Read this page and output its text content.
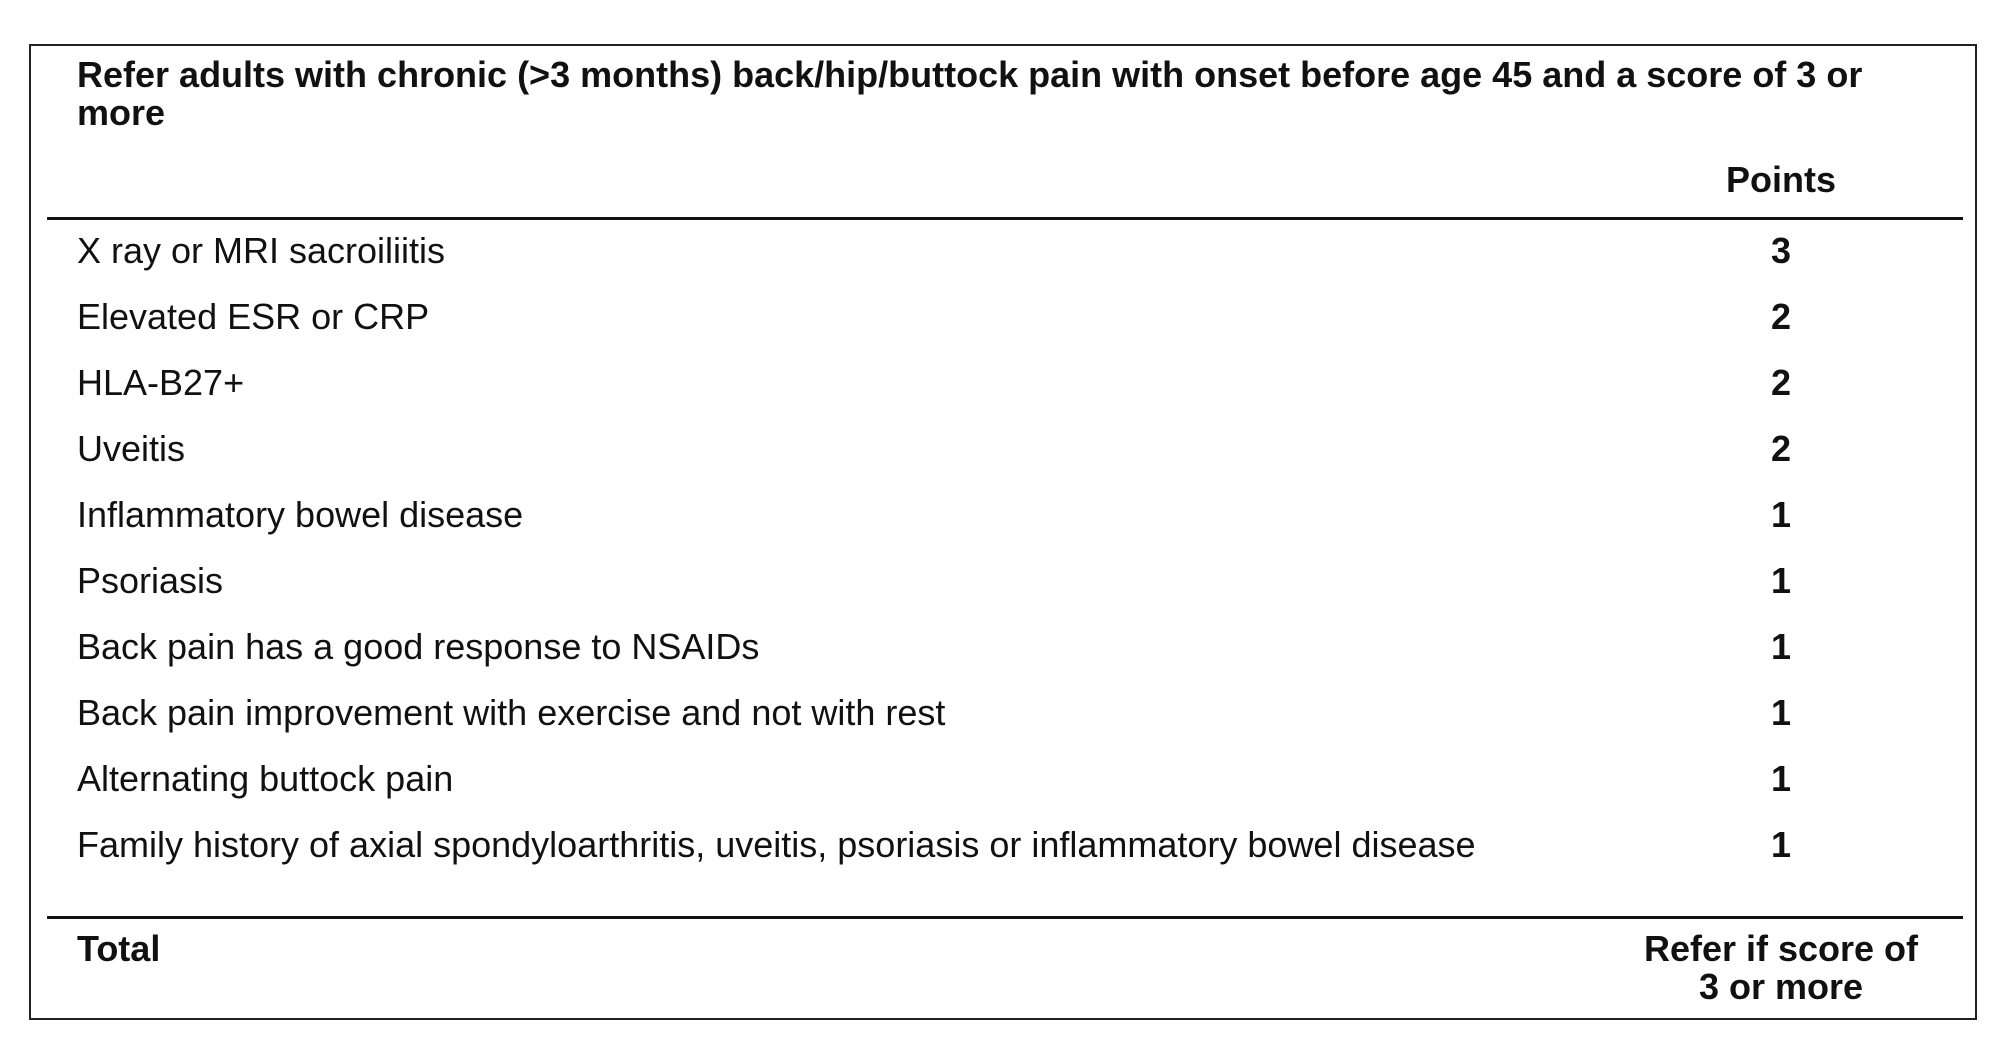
Refer adults with chronic (>3 months) back/hip/buttock pain with onset before age 45 and a score of 3 or more
Points
X ray or MRI sacroiliitis	3
Elevated ESR or CRP	2
HLA-B27+	2
Uveitis	2
Inflammatory bowel disease	1
Psoriasis	1
Back pain has a good response to NSAIDs	1
Back pain improvement with exercise and not with rest	1
Alternating buttock pain	1
Family history of axial spondyloarthritis, uveitis, psoriasis or inflammatory bowel disease	1
Total	Refer if score of 3 or more
